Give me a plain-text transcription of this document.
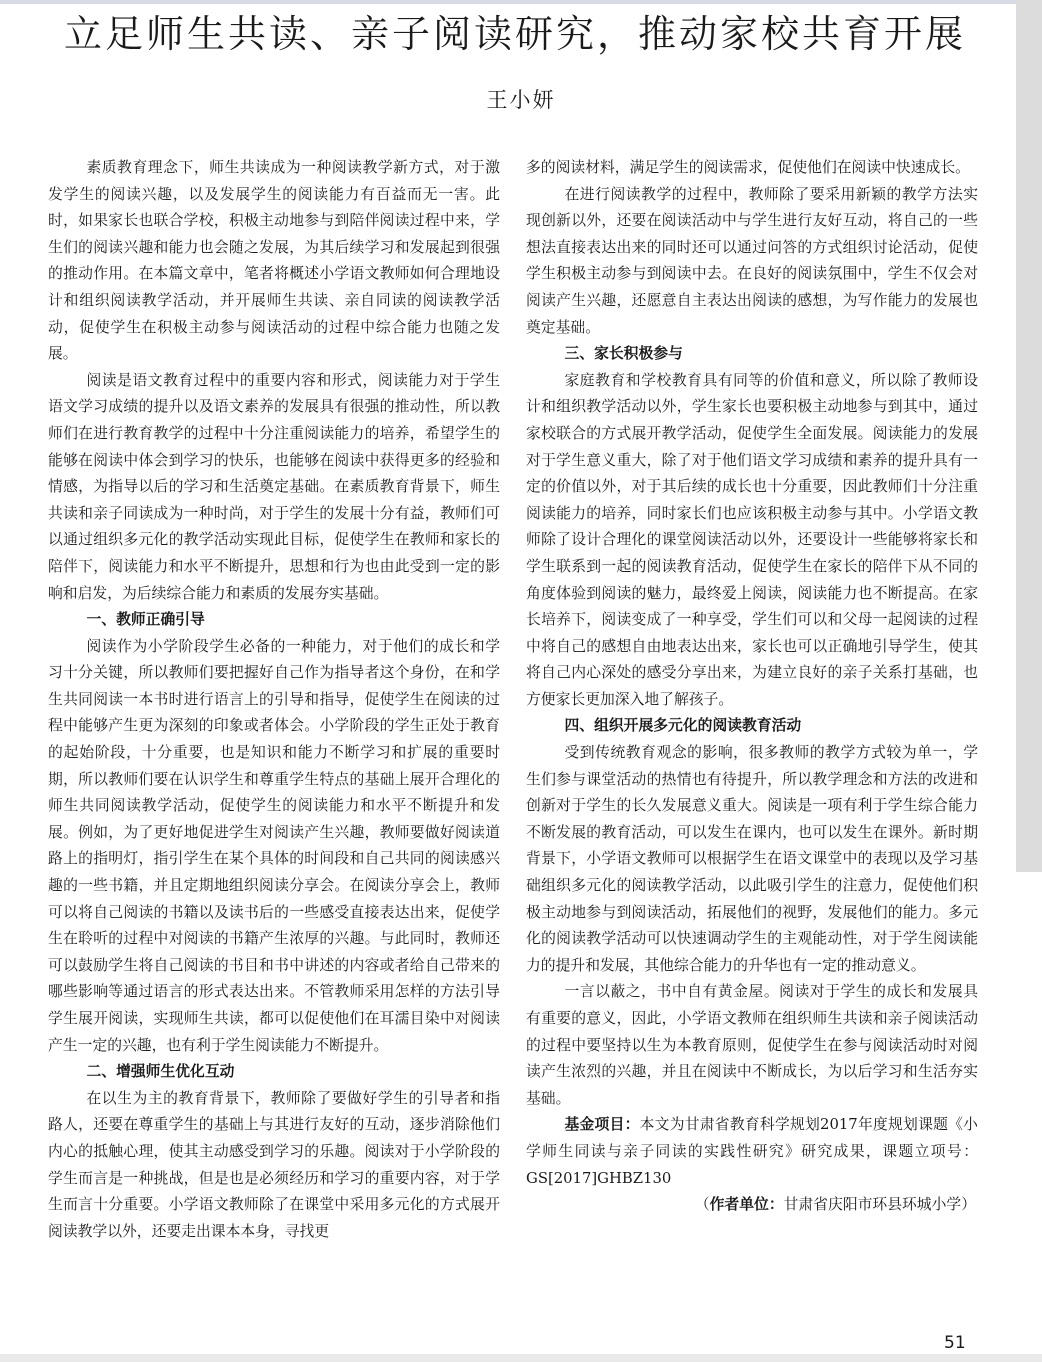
立足师生共读、亲子阅读研究，推动家校共育开展
王小妍

素质教育理念下，师生共读成为一种阅读教学新方式，对于激发学生的阅读兴趣，以及发展学生的阅读能力有百益而无一害。此时，如果家长也联合学校，积极主动地参与到陪伴阅读过程中来，学生们的阅读兴趣和能力也会随之发展，为其后续学习和发展起到很强的推动作用。在本篇文章中，笔者将概述小学语文教师如何合理地设计和组织阅读教学活动，并开展师生共读、亲自同读的阅读教学活动，促使学生在积极主动参与阅读活动的过程中综合能力也随之发展。

阅读是语文教育过程中的重要内容和形式，阅读能力对于学生语文学习成绩的提升以及语文素养的发展具有很强的推动性，所以教师们在进行教育教学的过程中十分注重阅读能力的培养，希望学生的能够在阅读中体会到学习的快乐，也能够在阅读中获得更多的经验和情感，为指导以后的学习和生活奠定基础。在素质教育背景下，师生共读和亲子同读成为一种时尚，对于学生的发展十分有益，教师们可以通过组织多元化的教学活动实现此目标，促使学生在教师和家长的陪伴下，阅读能力和水平不断提升，思想和行为也由此受到一定的影响和启发，为后续综合能力和素质的发展夯实基础。

一、教师正确引导

阅读作为小学阶段学生必备的一种能力，对于他们的成长和学习十分关键，所以教师们要把握好自己作为指导者这个身份，在和学生共同阅读一本书时进行语言上的引导和指导，促使学生在阅读的过程中能够产生更为深刻的印象或者体会。小学阶段的学生正处于教育的起始阶段，十分重要，也是知识和能力不断学习和扩展的重要时期，所以教师们要在认识学生和尊重学生特点的基础上展开合理化的师生共同阅读教学活动，促使学生的阅读能力和水平不断提升和发展。例如，为了更好地促进学生对阅读产生兴趣，教师要做好阅读道路上的指明灯，指引学生在某个具体的时间段和自己共同的阅读感兴趣的一些书籍，并且定期地组织阅读分享会。在阅读分享会上，教师可以将自己阅读的书籍以及读书后的一些感受直接表达出来，促使学生在聆听的过程中对阅读的书籍产生浓厚的兴趣。与此同时，教师还可以鼓励学生将自己阅读的书目和书中讲述的内容或者给自己带来的哪些影响等通过语言的形式表达出来。不管教师采用怎样的方法引导学生展开阅读，实现师生共读，都可以促使他们在耳濡目染中对阅读产生一定的兴趣，也有利于学生阅读能力不断提升。

二、增强师生优化互动

在以生为主的教育背景下，教师除了要做好学生的引导者和指路人，还要在尊重学生的基础上与其进行友好的互动，逐步消除他们内心的抵触心理，使其主动感受到学习的乐趣。阅读对于小学阶段的学生而言是一种挑战，但是也是必须经历和学习的重要内容，对于学生而言十分重要。小学语文教师除了在课堂中采用多元化的方式展开阅读教学以外，还要走出课本本身，寻找更

多的阅读材料，满足学生的阅读需求，促使他们在阅读中快速成长。

在进行阅读教学的过程中，教师除了要采用新颖的教学方法实现创新以外，还要在阅读活动中与学生进行友好互动，将自己的一些想法直接表达出来的同时还可以通过问答的方式组织讨论活动，促使学生积极主动参与到阅读中去。在良好的阅读氛围中，学生不仅会对阅读产生兴趣，还愿意自主表达出阅读的感想，为写作能力的发展也奠定基础。

三、家长积极参与

家庭教育和学校教育具有同等的价值和意义，所以除了教师设计和组织教学活动以外，学生家长也要积极主动地参与到其中，通过家校联合的方式展开教学活动，促使学生全面发展。阅读能力的发展对于学生意义重大，除了对于他们语文学习成绩和素养的提升具有一定的价值以外，对于其后续的成长也十分重要，因此教师们十分注重阅读能力的培养，同时家长们也应该积极主动参与其中。小学语文教师除了设计合理化的课堂阅读活动以外，还要设计一些能够将家长和学生联系到一起的阅读教育活动，促使学生在家长的陪伴下从不同的角度体验到阅读的魅力，最终爱上阅读，阅读能力也不断提高。在家长培养下，阅读变成了一种享受，学生们可以和父母一起阅读的过程中将自己的感想自由地表达出来，家长也可以正确地引导学生，使其将自己内心深处的感受分享出来，为建立良好的亲子关系打基础，也方便家长更加深入地了解孩子。

四、组织开展多元化的阅读教育活动

受到传统教育观念的影响，很多教师的教学方式较为单一，学生们参与课堂活动的热情也有待提升，所以教学理念和方法的改进和创新对于学生的长久发展意义重大。阅读是一项有利于学生综合能力不断发展的教育活动，可以发生在课内，也可以发生在课外。新时期背景下，小学语文教师可以根据学生在语文课堂中的表现以及学习基础组织多元化的阅读教学活动，以此吸引学生的注意力，促使他们积极主动地参与到阅读活动，拓展他们的视野，发展他们的能力。多元化的阅读教学活动可以快速调动学生的主观能动性，对于学生阅读能力的提升和发展，其他综合能力的升华也有一定的推动意义。

一言以蔽之，书中自有黄金屋。阅读对于学生的成长和发展具有重要的意义，因此，小学语文教师在组织师生共读和亲子阅读活动的过程中要坚持以生为本教育原则，促使学生在参与阅读活动时对阅读产生浓烈的兴趣，并且在阅读中不断成长，为以后学习和生活夯实基础。

基金项目：本文为甘肃省教育科学规划2017年度规划课题《小学师生同读与亲子同读的实践性研究》研究成果，课题立项号：GS[2017]GHBZ130

（作者单位：甘肃省庆阳市环县环城小学）

51
